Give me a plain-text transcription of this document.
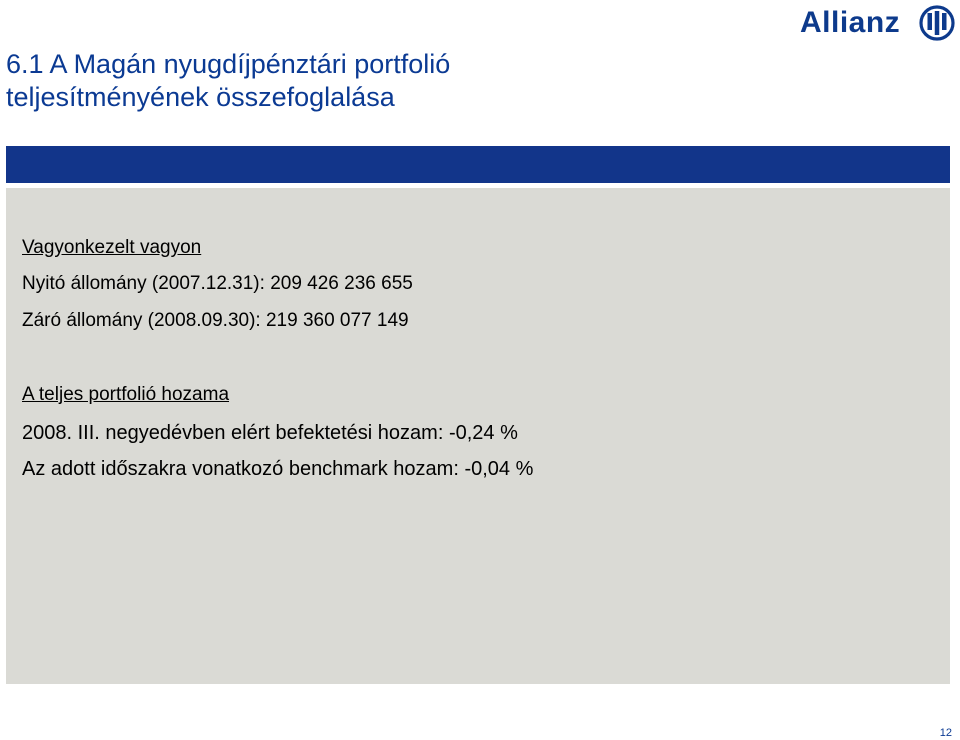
6.1 A Magán nyugdíjpénztári portfolió
teljesítményének összefoglalása
Allianz
Vagyonkezelt vagyon
Nyitó állomány (2007.12.31): 209 426 236 655
Záró állomány (2008.09.30): 219 360 077 149
A teljes portfolió hozama
2008. III. negyedévben elért befektetési hozam: -0,24 %
Az adott időszakra vonatkozó benchmark hozam: -0,04 %
12
